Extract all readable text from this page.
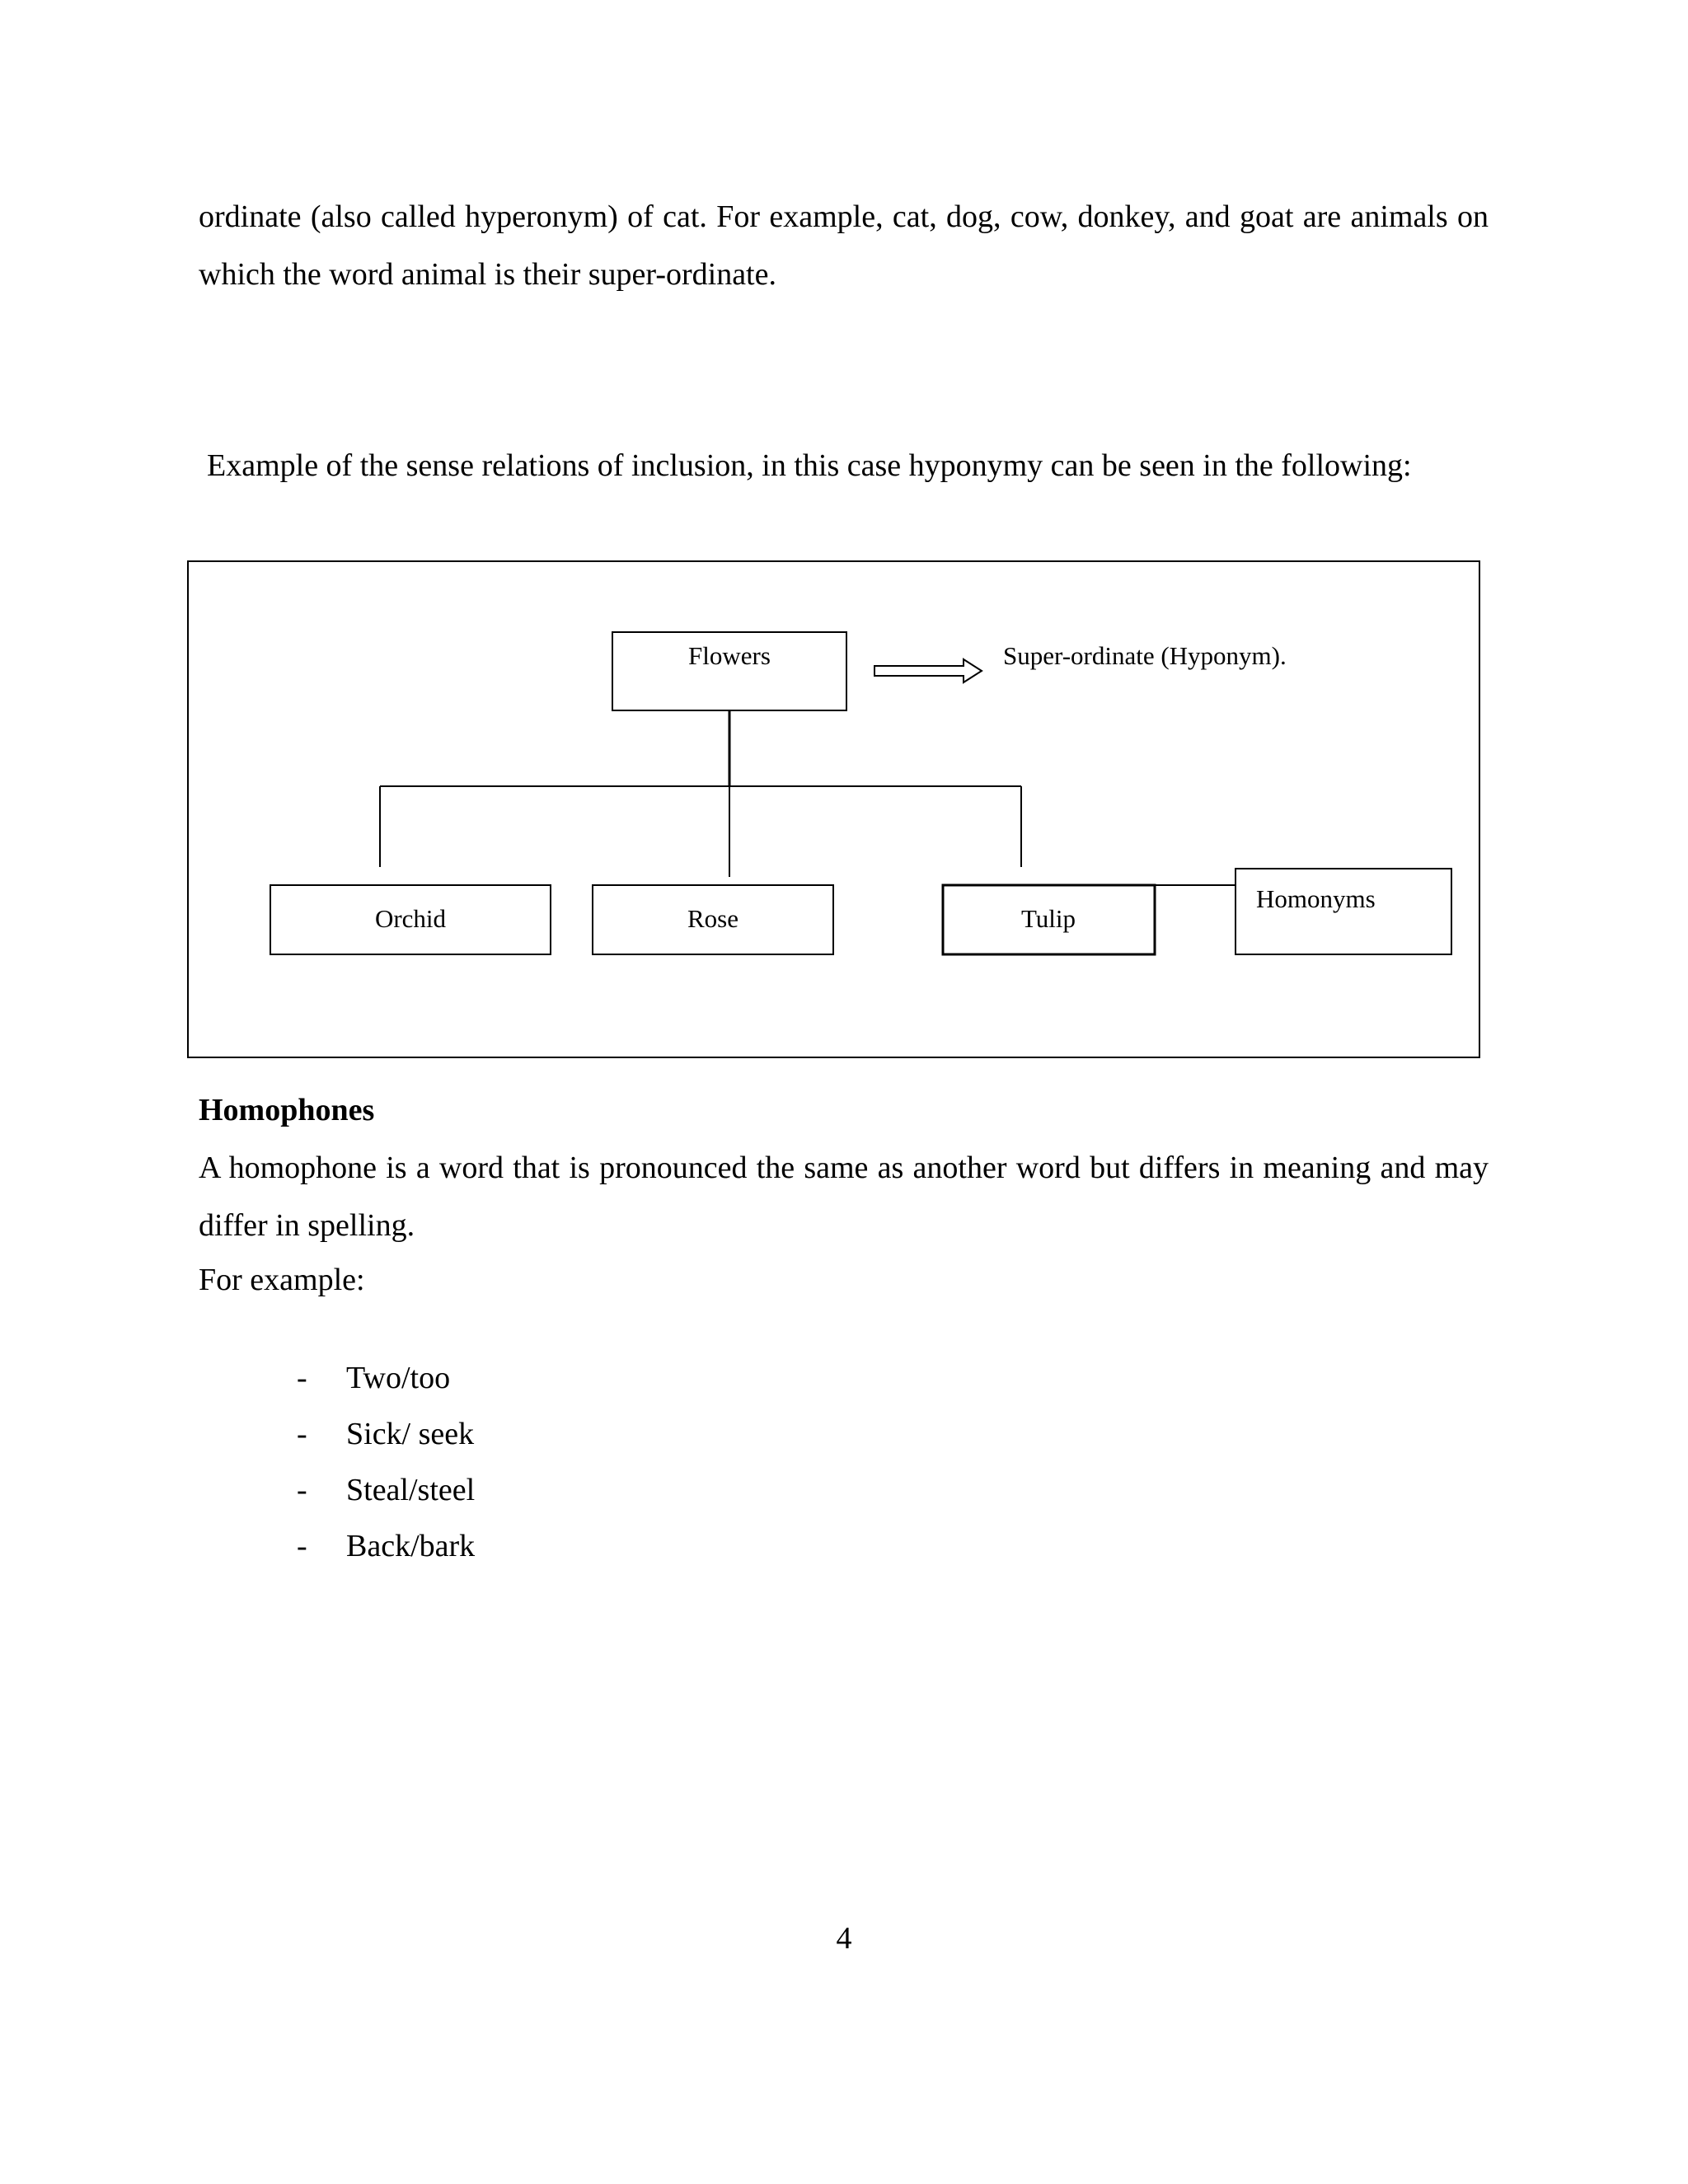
ordinate (also called hyperonym) of cat. For example, cat, dog, cow, donkey, and goat are animals on which the word animal is their super-ordinate.

Example of the sense relations of inclusion, in this case hyponymy can be seen in the following:

Flowers	Super-ordinate (Hyponym).
Orchid	Rose	Tulip
Homonyms
Homophones

A homophone is a word that is pronounced the same as another word but differs in meaning and may differ in spelling.

For example:
-	Two/too
-	Sick/ seek
-	Steal/steel
-	Back/bark
4
